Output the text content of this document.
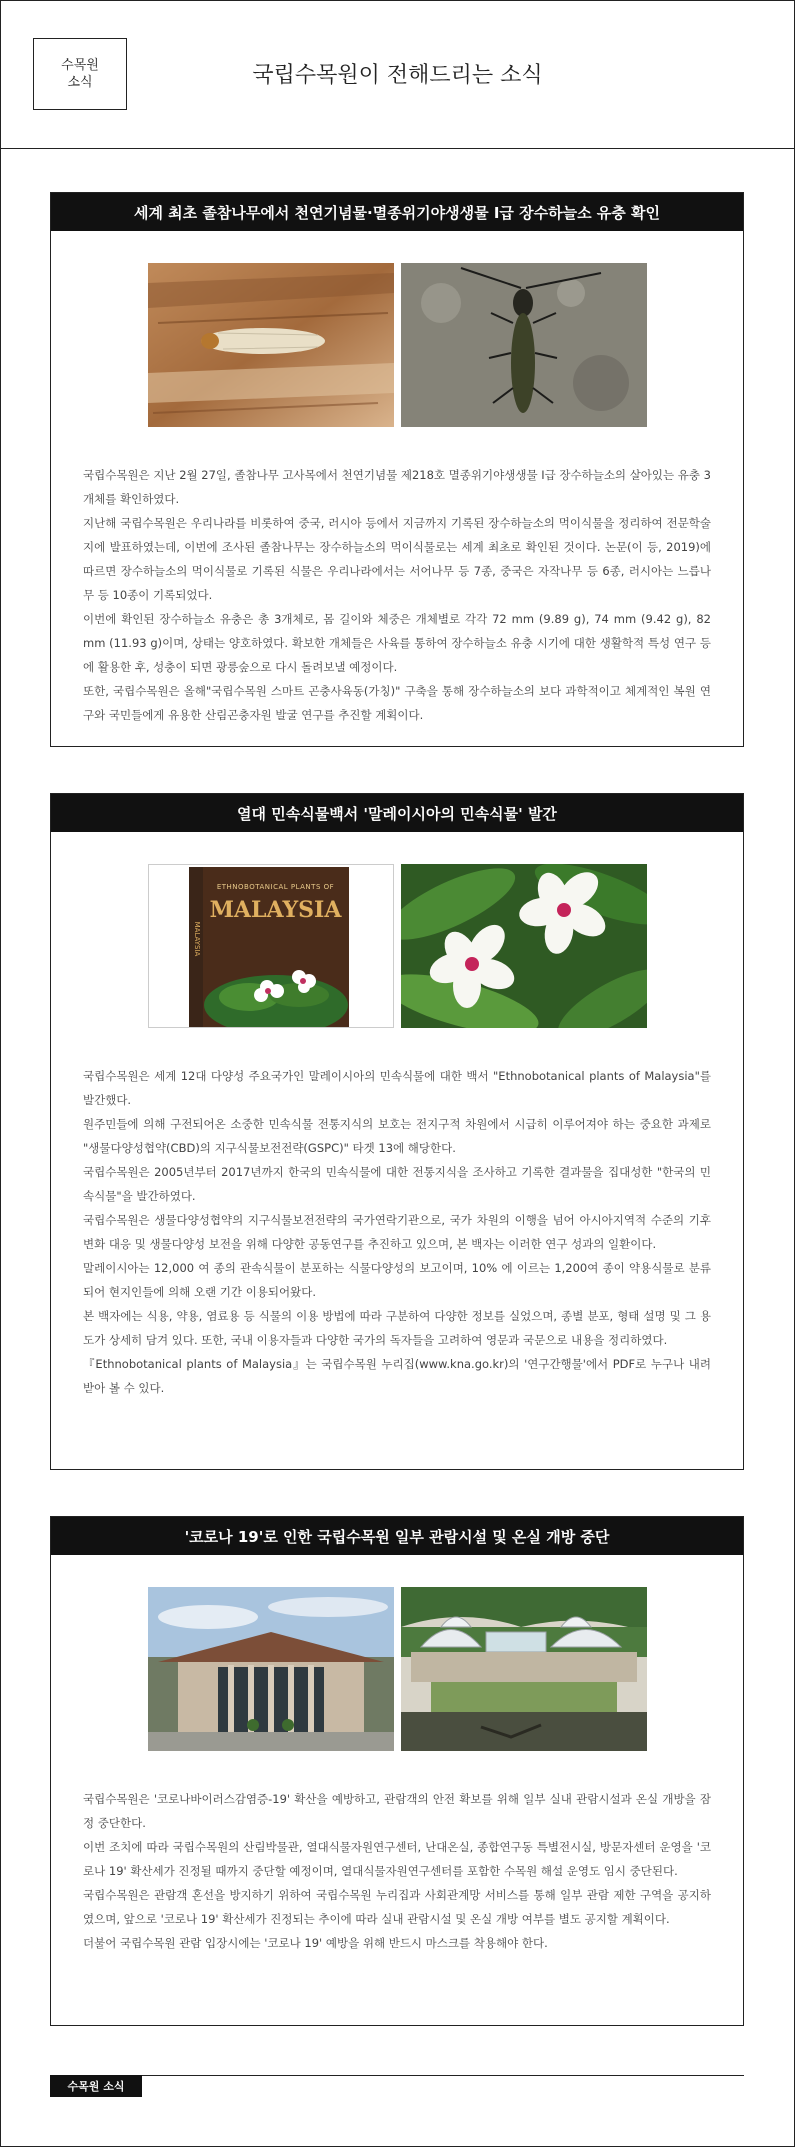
수목원
소식	국립수목원이 전해드리는 소식
세계 최초 졸참나무에서 천연기념물·멸종위기야생생물 I급 장수하늘소 유충 확인

국립수목원은 지난 2월 27일, 졸참나무 고사목에서 천연기념물 제218호 멸종위기야생생물 I급 장수하늘소의 살아있는 유충 3개체를 확인하였다.

지난해 국립수목원은 우리나라를 비롯하여 중국, 러시아 등에서 지금까지 기록된 장수하늘소의 먹이식물을 정리하여 전문학술지에 발표하였는데, 이번에 조사된 졸참나무는 장수하늘소의 먹이식물로는 세계 최초로 확인된 것이다. 논문(이 등, 2019)에 따르면 장수하늘소의 먹이식물로 기록된 식물은 우리나라에서는 서어나무 등 7종, 중국은 자작나무 등 6종, 러시아는 느릅나무 등 10종이 기록되었다.

이번에 확인된 장수하늘소 유충은 총 3개체로, 몸 길이와 체중은 개체별로 각각 72 mm (9.89 g), 74 mm (9.42 g), 82 mm (11.93 g)이며, 상태는 양호하였다. 확보한 개체들은 사육를 통하여 장수하늘소 유충 시기에 대한 생활학적 특성 연구 등에 활용한 후, 성충이 되면 광릉숲으로 다시 돌려보낼 예정이다.

또한, 국립수목원은 올해"국립수목원 스마트 곤충사육동(가칭)" 구축을 통해 장수하늘소의 보다 과학적이고 체계적인 복원 연구와 국민들에게 유용한 산림곤충자원 발굴 연구를 추진할 계획이다.

열대 민속식물백서 '말레이시아의 민속식물' 발간
ETHNOBOTANICAL PLANTS OF
MALAYSIA
MALAYSIA

국립수목원은 세계 12대 다양성 주요국가인 말레이시아의 민속식물에 대한 백서 "Ethnobotanical plants of Malaysia"를 발간했다.

원주민들에 의해 구전되어온 소중한 민속식물 전통지식의 보호는 전지구적 차원에서 시급히 이루어져야 하는 중요한 과제로 "생물다양성협약(CBD)의 지구식물보전전략(GSPC)" 타겟 13에 해당한다.

국립수목원은 2005년부터 2017년까지 한국의 민속식물에 대한 전통지식을 조사하고 기록한 결과물을 집대성한 "한국의 민속식물"을 발간하였다.

국립수목원은 생물다양성협약의 지구식물보전전략의 국가연락기관으로, 국가 차원의 이행을 넘어 아시아지역적 수준의 기후변화 대응 및 생물다양성 보전을 위해 다양한 공동연구를 추진하고 있으며, 본 백자는 이러한 연구 성과의 일환이다.

말레이시아는 12,000 여 종의 관속식물이 분포하는 식물다양성의 보고이며, 10% 에 이르는 1,200여 종이 약용식물로 분류되어 현지인들에 의해 오랜 기간 이용되어왔다.

본 백자에는 식용, 약용, 염료용 등 식물의 이용 방법에 따라 구분하여 다양한 정보를 실었으며, 종별 분포, 형태 설명 및 그 용도가 상세히 담겨 있다. 또한, 국내 이용자들과 다양한 국가의 독자들을 고려하여 영문과 국문으로 내용을 정리하였다.

『Ethnobotanical plants of Malaysia』는 국립수목원 누리집(www.kna.go.kr)의 '연구간행물'에서 PDF로 누구나 내려 받아 볼 수 있다.

'코로나 19'로 인한 국립수목원 일부 관람시설 및 온실 개방 중단

국립수목원은 '코로나바이러스감염증-19' 확산을 예방하고, 관람객의 안전 확보를 위해 일부 실내 관람시설과 온실 개방을 잠정 중단한다.

이번 조치에 따라 국립수목원의 산림박물관, 열대식물자원연구센터, 난대온실, 종합연구동 특별전시실, 방문자센터 운영을 '코로나 19' 확산세가 진정될 때까지 중단할 예정이며, 열대식물자원연구센터를 포함한 수목원 해설 운영도 임시 중단된다.

국립수목원은 관람객 혼선을 방지하기 위하여 국립수목원 누리집과 사회관계망 서비스를 통해 일부 관람 제한 구역을 공지하였으며, 앞으로 '코로나 19' 확산세가 진정되는 추이에 따라 실내 관람시설 및 온실 개방 여부를 별도 공지할 계획이다.

더불어 국립수목원 관람 입장시에는 '코로나 19' 예방을 위해 반드시 마스크를 착용해야 한다.

수목원 소식
